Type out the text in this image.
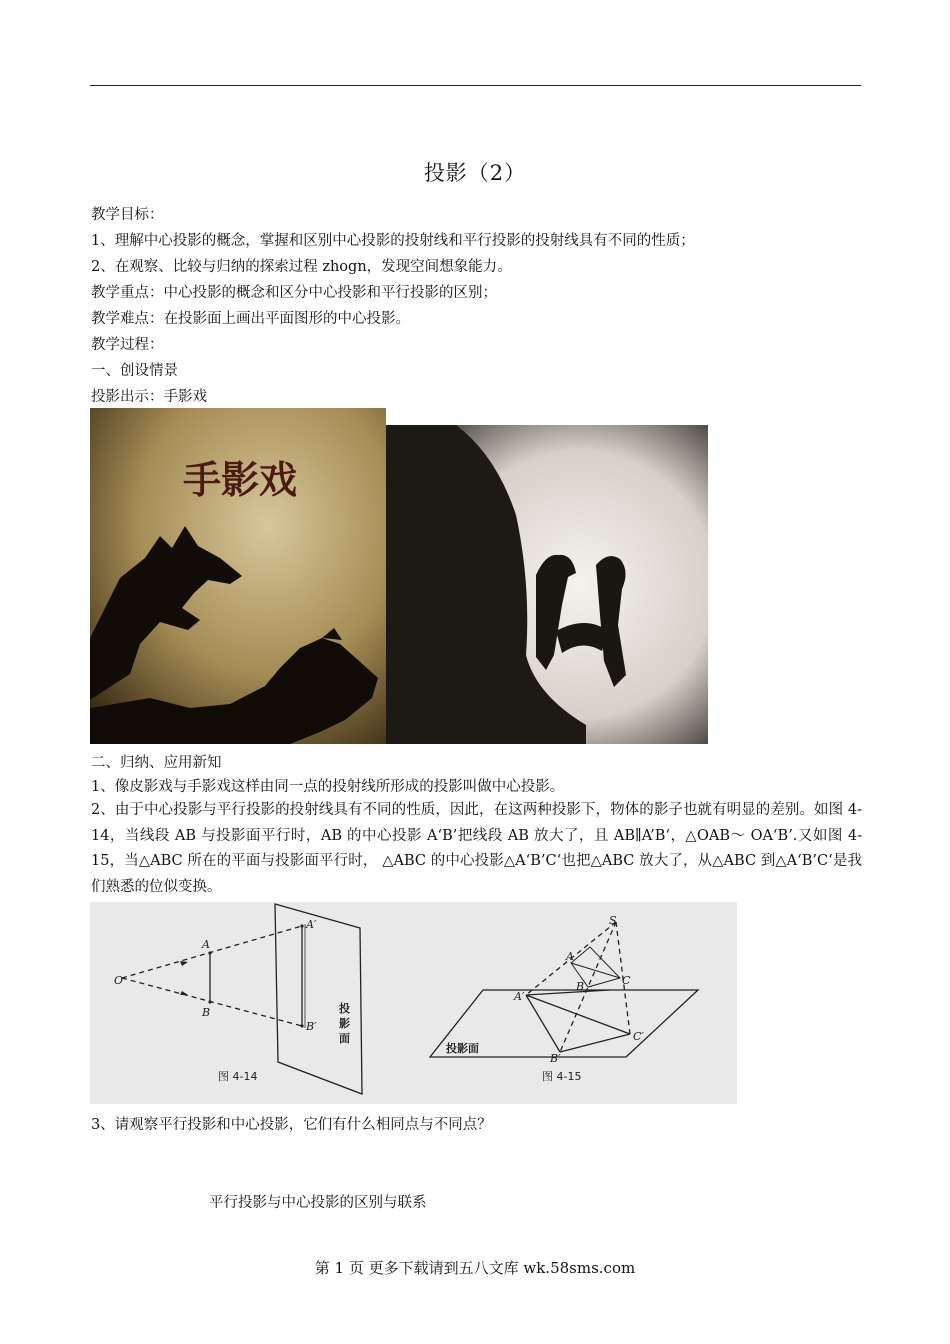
投影（2）
教学目标：
1、理解中心投影的概念，掌握和区别中心投影的投射线和平行投影的投射线具有不同的性质；
2、在观察、比较与归纳的探索过程 zhogn，发现空间想象能力。
教学重点：中心投影的概念和区分中心投影和平行投影的区别；
教学难点：在投影面上画出平面图形的中心投影。
教学过程：
一、创设情景
投影出示：手影戏
手影戏
二、归纳、应用新知
1、像皮影戏与手影戏这样由同一点的投射线所形成的投影叫做中心投影。
2、由于中心投影与平行投影的投射线具有不同的性质，因此，在这两种投影下，物体的影子也就有明显的差别。如图 4-14，当线段 AB 与投影面平行时，AB 的中心投影 A‘B’把线段 AB 放大了，且 AB∥A’B‘，△OAB～ OA‘B’.又如图 4-15，当△ABC 所在的平面与投影面平行时， △ABC 的中心投影△A‘B’C‘也把△ABC 放大了，从△ABC 到△A‘B’C‘是我们熟悉的位似变换。
O
A
B
A′
B′
S
A
B	C
A′
B′
C′
投
影
面
投影面
图 4-14	图 4-15
3、请观察平行投影和中心投影，它们有什么相同点与不同点？
平行投影与中心投影的区别与联系
第 1 页 更多下载请到五八文库 wk.58sms.com
